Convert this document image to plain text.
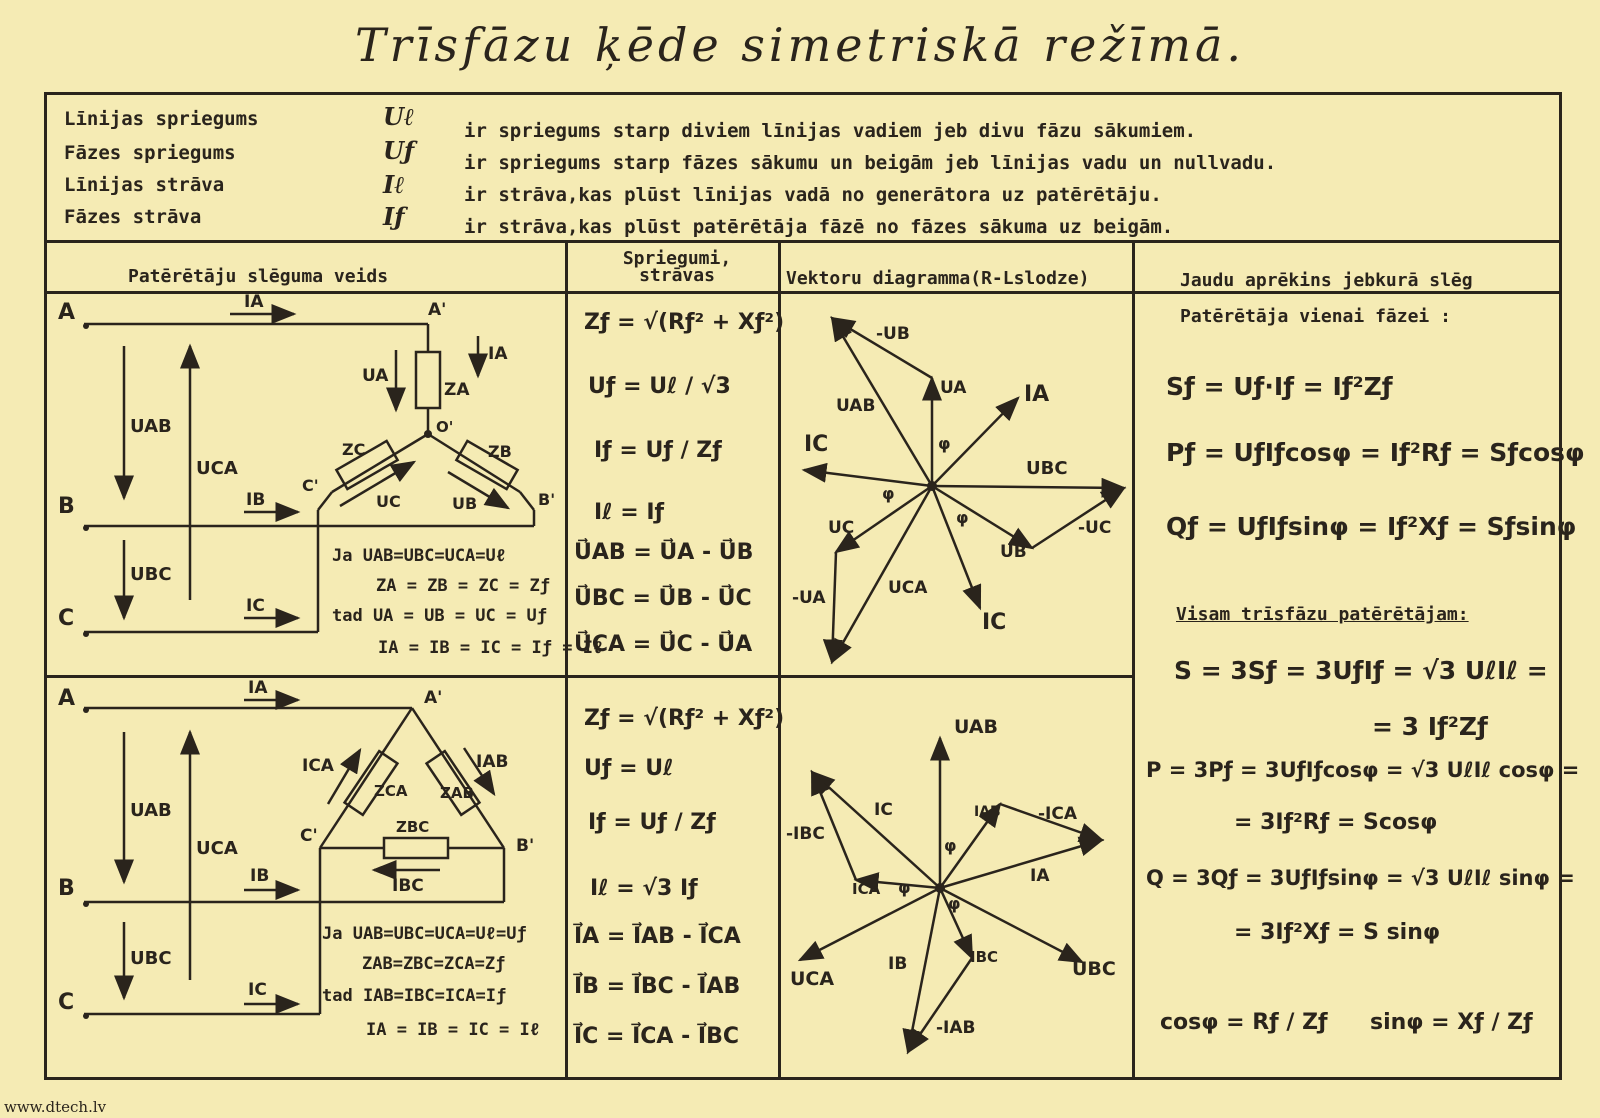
Trīsfāzu ķēde simetriskā režīmā.
Līnijas spriegums	Uℓ	ir spriegums starp diviem līnijas vadiem jeb divu fāzu sākumiem.
Fāzes spriegums	Uƒ	ir spriegums starp fāzes sākumu un beigām jeb līnijas vadu un nullvadu.
Līnijas strāva	Iℓ	ir strāva,kas plūst līnijas vadā no generātora uz patērētāju.
Fāzes strāva	Iƒ	ir strāva,kas plūst patērētāja fāzē no fāzes sākuma uz beigām.
Patērētāju slēguma veids
Spriegumi, strāvas	Vektoru diagramma(R-Lslodze)	Jaudu aprēkins jebkurā slēg
A
B
C
IA
IB
IC
A'
IA
UA
ZA
O'
ZC	ZB
C'
B'
UC	UB
UAB
UCA
UBC
Ja UAB=UBC=UCA=Uℓ
ZA = ZB = ZC = Zƒ
tad UA = UB = UC = Uƒ
IA = IB = IC = Iƒ = Iℓ
A
B
C
IA
IB
IC
A'
C'	B'
ICA	IAB
ZCA ZAB
ZBC
IBC
UAB
UCA
UBC
Ja UAB=UBC=UCA=Uℓ=Uƒ
ZAB=ZBC=ZCA=Zƒ
tad IAB=IBC=ICA=Iƒ
IA = IB = IC = Iℓ
Zƒ = √(Rƒ² + Xƒ²)
Uƒ = Uℓ / √3
Iƒ = Uƒ / Zƒ
Iℓ = Iƒ
U⃗AB = U⃗A - U⃗B
U⃗BC = U⃗B - U⃗C
U⃗CA = U⃗C - U⃗A
Zƒ = √(Rƒ² + Xƒ²)
Uƒ = Uℓ
Iƒ = Uƒ / Zƒ
Iℓ = √3 Iƒ
I⃗A = I⃗AB - I⃗CA
I⃗B = I⃗BC - I⃗AB
I⃗C = I⃗CA - I⃗BC
-UB
UA	IA
UAB
IC
UBC
UC	-UC
UB
UCA
-UA
IC
φ
φ
φ
UAB
IC	IAB -ICA
-IBC
IA
ICA
IBC
IB
UCA	UBC
-IAB
φ
φ
φ
Patērētāja vienai fāzei :
Sƒ = Uƒ·Iƒ = Iƒ²Zƒ
Pƒ = UƒIƒcosφ = Iƒ²Rƒ = Sƒcosφ
Qƒ = UƒIƒsinφ = Iƒ²Xƒ = Sƒsinφ
Visam trīsfāzu patērētājam:
S = 3Sƒ = 3UƒIƒ = √3 UℓIℓ =
= 3 Iƒ²Zƒ
P = 3Pƒ = 3UƒIƒcosφ = √3 UℓIℓ cosφ =
= 3Iƒ²Rƒ = Scosφ
Q = 3Qƒ = 3UƒIƒsinφ = √3 UℓIℓ sinφ =
= 3Iƒ²Xƒ = S sinφ
cosφ = Rƒ / Zƒ sinφ = Xƒ / Zƒ
www.dtech.lv
